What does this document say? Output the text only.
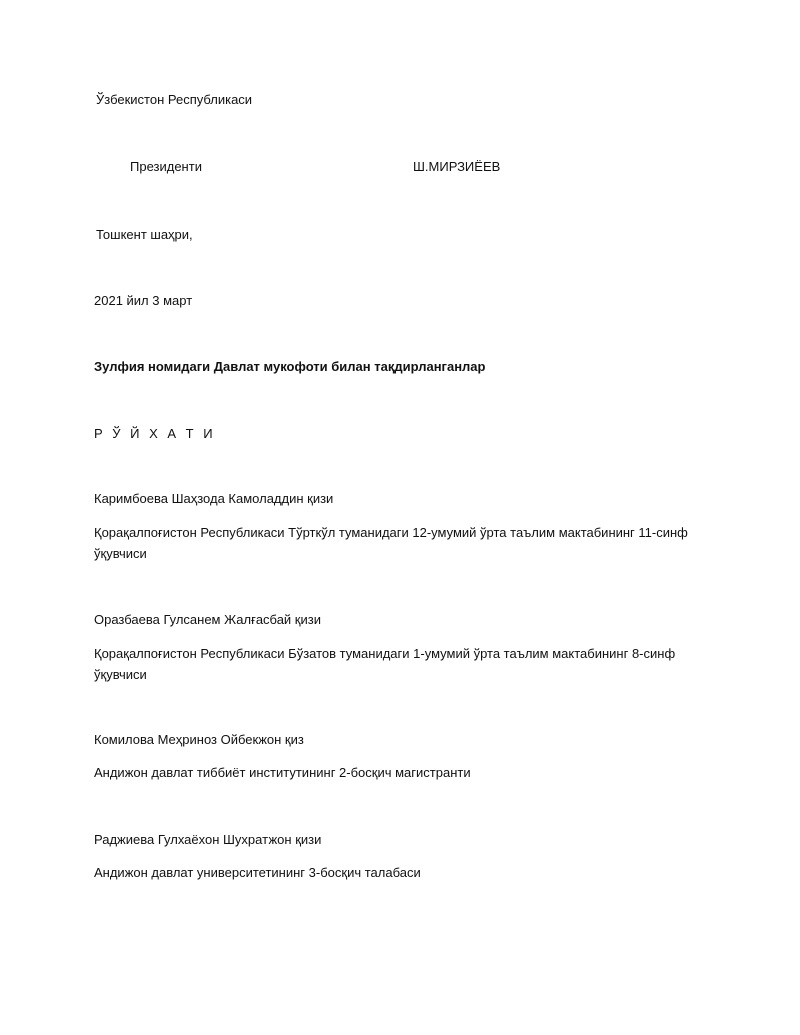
Ўзбекистон Республикаси
Президенти	Ш.МИРЗИЁЕВ
Тошкент шаҳри,
2021 йил 3 март
Зулфия номидаги Давлат мукофоти билан тақдирланганлар
Р Ў Й Х А Т И
Каримбоева Шаҳзода Камоладдин қизи
Қорақалпоғистон Республикаси Тўрткўл туманидаги 12-умумий ўрта таълим мактабининг 11-синф ўқувчиси
Оразбаева Гулсанем Жалғасбай қизи
Қорақалпоғистон Республикаси Бўзатов туманидаги 1-умумий ўрта таълим мактабининг 8-синф ўқувчиси
Комилова Меҳриноз Ойбекжон қиз
Андижон давлат тиббиёт институтининг 2-босқич магистранти
Раджиева Гулхаёхон Шухратжон қизи
Андижон давлат университетининг 3-босқич талабаси
